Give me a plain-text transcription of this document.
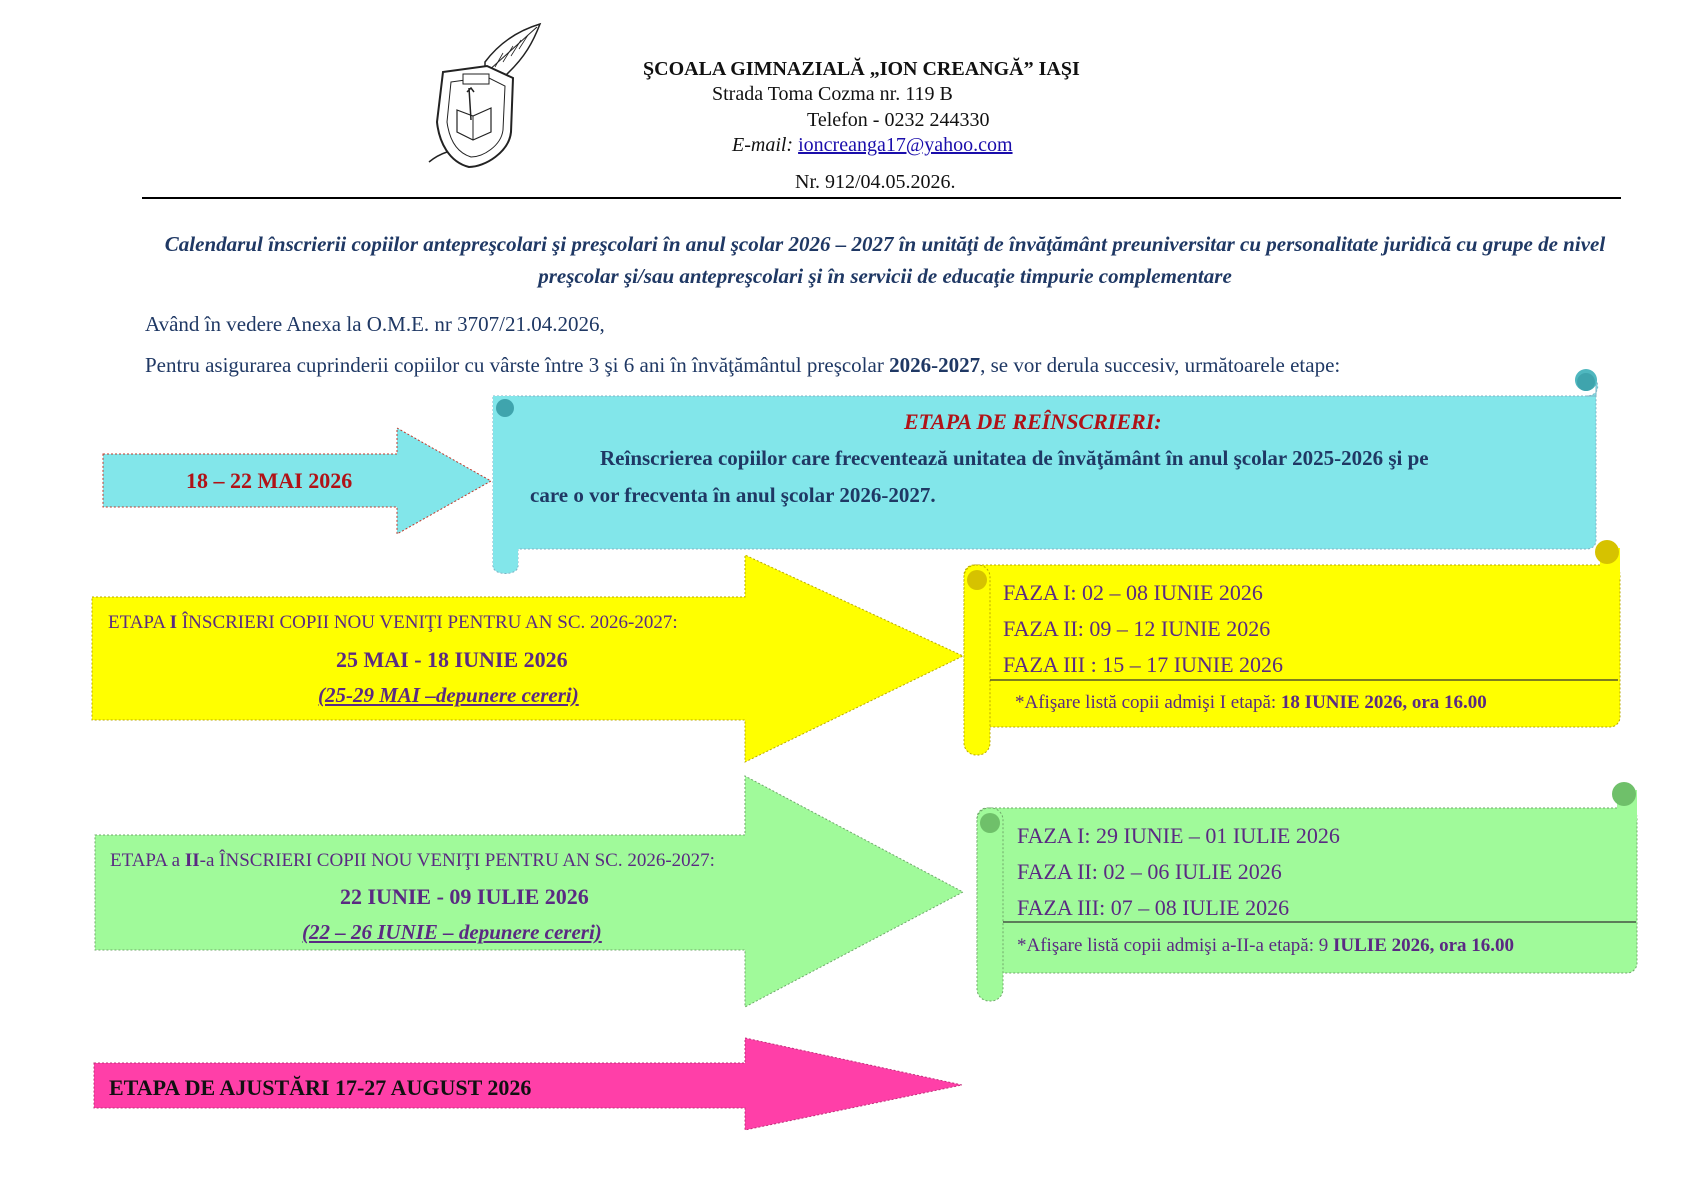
ŞCOALA GIMNAZIALĂ „ION CREANGĂ” IAŞI
Strada Toma Cozma nr. 119 B
Telefon - 0232 244330
E-mail: ioncreanga17@yahoo.com
Nr. 912/04.05.2026.
Calendarul înscrierii copiilor antepreşcolari şi preşcolari în anul şcolar 2026 – 2027 în unităţi de învăţământ preuniversitar cu personalitate juridică cu grupe de nivel preşcolar şi/sau antepreşcolari şi în servicii de educaţie timpurie complementare
Având în vedere Anexa la O.M.E. nr 3707/21.04.2026,
Pentru asigurarea cuprinderii copiilor cu vârste între 3 şi 6 ani în învăţământul preşcolar 2026-2027, se vor derula succesiv, următoarele etape:
18 – 22 MAI 2026
ETAPA DE REÎNSCRIERI:
Reînscrierea copiilor care frecventează unitatea de învăţământ în anul şcolar 2025-2026 şi pe
care o vor frecventa în anul şcolar 2026-2027.
ETAPA I ÎNSCRIERI COPII NOU VENIŢI PENTRU AN SC. 2026-2027:
25 MAI - 18 IUNIE 2026
(25-29 MAI –depunere cereri)
FAZA I: 02 – 08 IUNIE 2026
FAZA II: 09 – 12 IUNIE 2026
FAZA III : 15 – 17 IUNIE 2026
*Afişare listă copii admişi I etapă: 18 IUNIE 2026, ora 16.00
ETAPA a II-a ÎNSCRIERI COPII NOU VENIŢI PENTRU AN SC. 2026-2027:
22 IUNIE - 09 IULIE 2026
(22 – 26 IUNIE – depunere cereri)
FAZA I: 29 IUNIE – 01 IULIE 2026
FAZA II: 02 – 06 IULIE 2026
FAZA III: 07 – 08 IULIE 2026
*Afişare listă copii admişi a-II-a etapă: 9 IULIE 2026, ora 16.00
ETAPA DE AJUSTĂRI 17-27 AUGUST 2026
